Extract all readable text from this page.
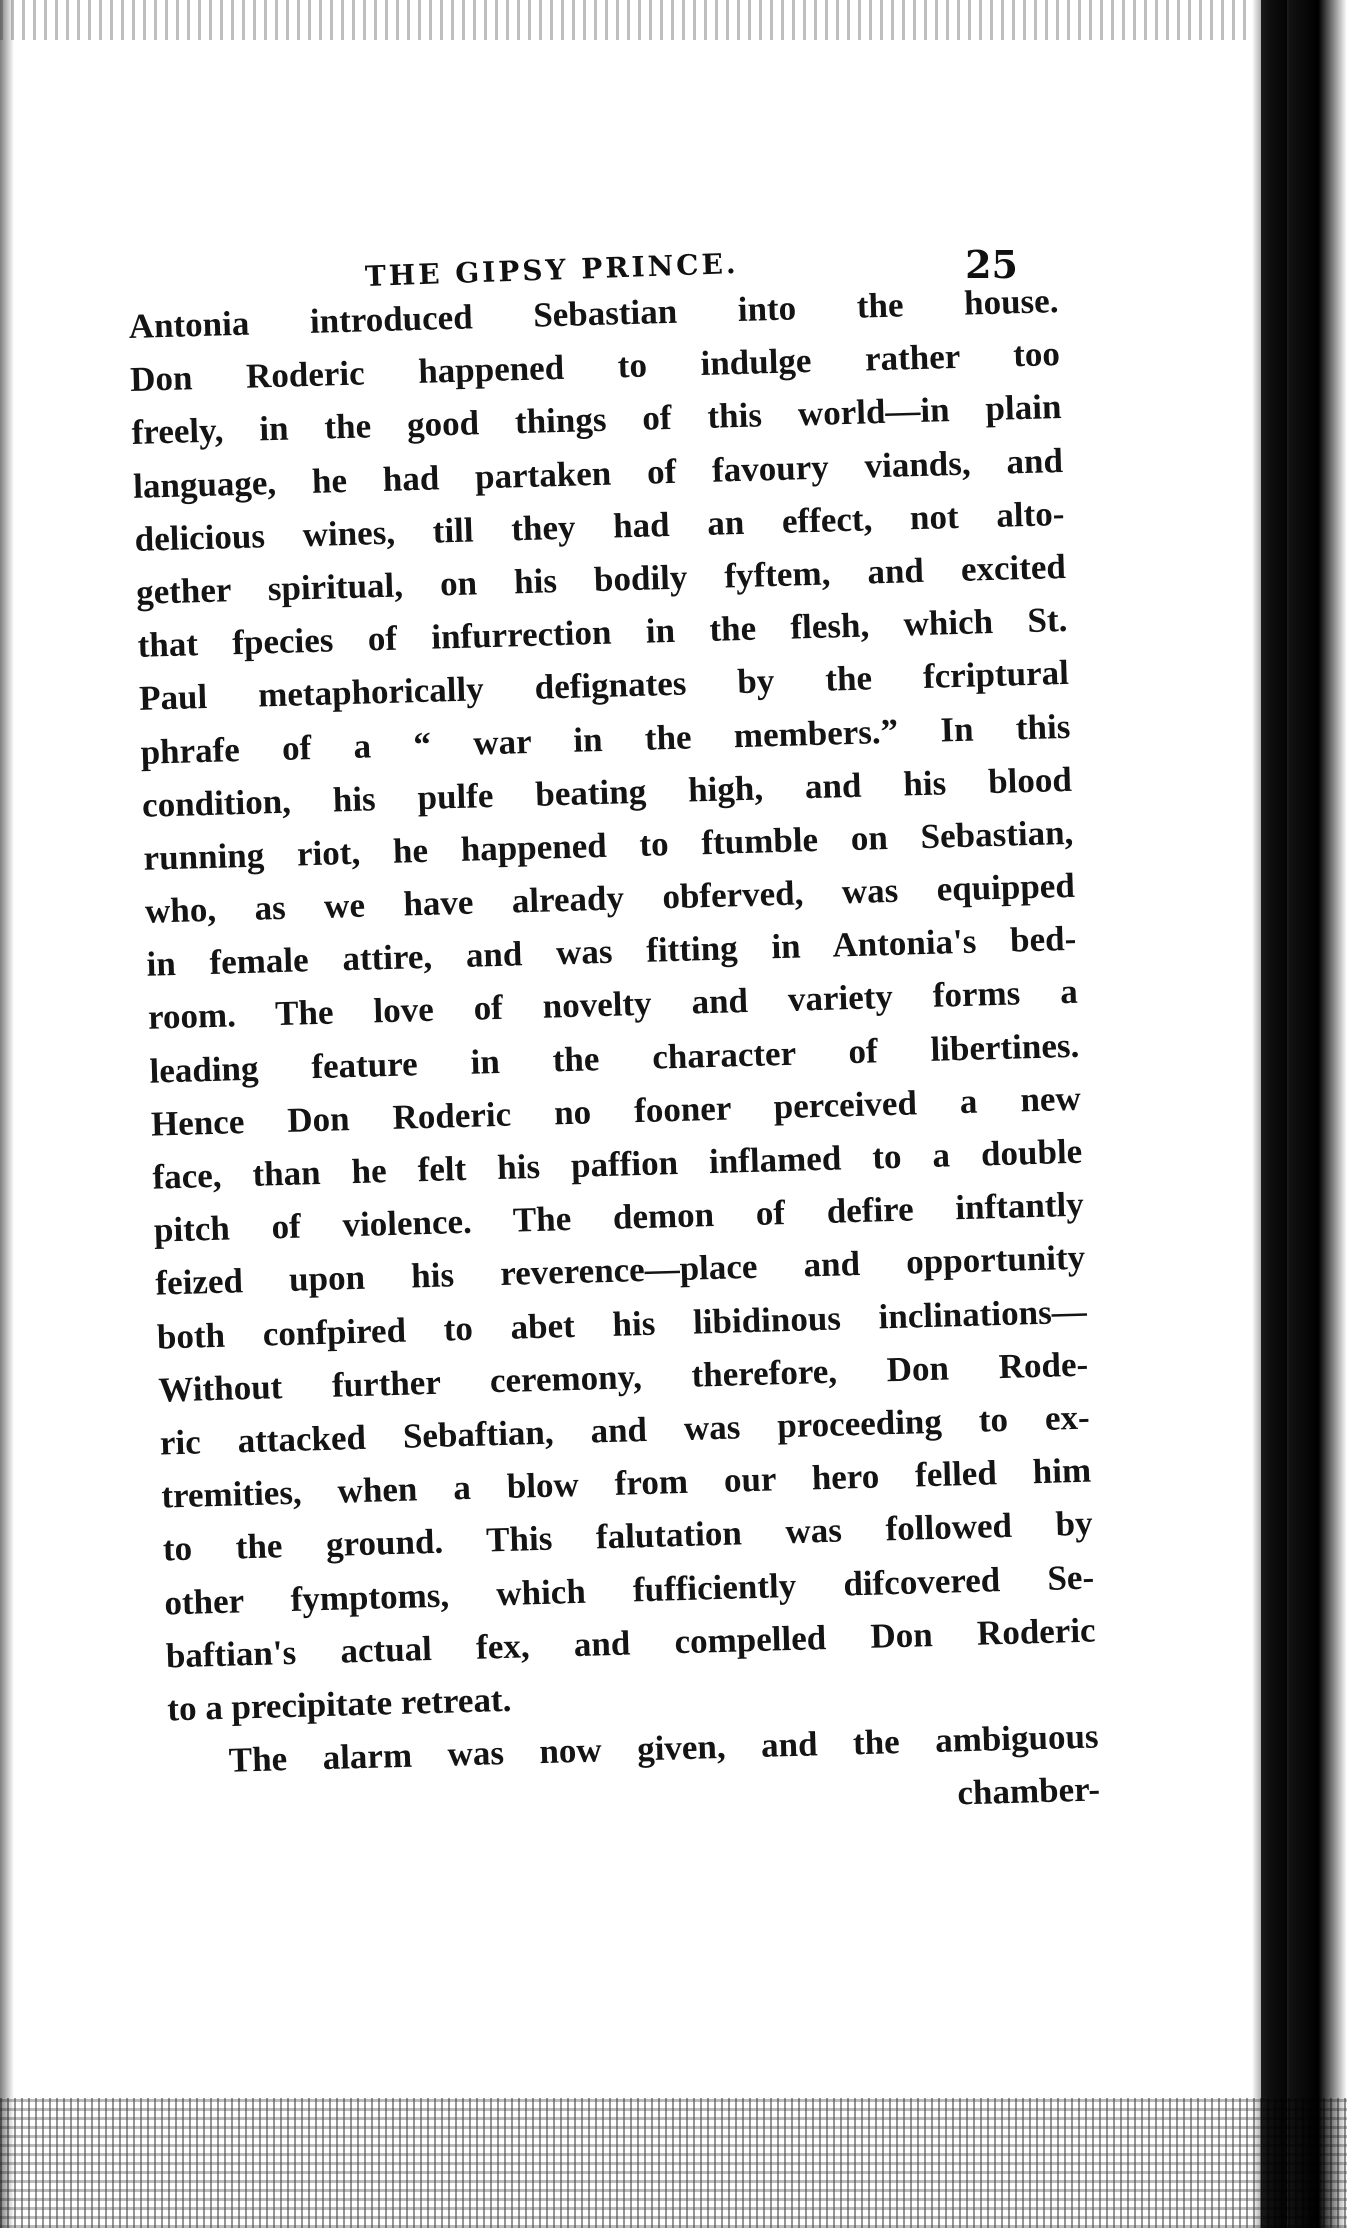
THE GIPSY PRINCE.	25
Antonia introduced Sebastian into the house.
Don Roderic happened to indulge rather too
freely, in the good things of this world—in plain
language, he had partaken of favoury viands, and
delicious wines, till they had an effect, not alto-
gether spiritual, on his bodily fyftem, and excited
that fpecies of infurrection in the flesh, which St.
Paul metaphorically defignates by the fcriptural
phrafe of a “ war in the members.” In this
condition, his pulfe beating high, and his blood
running riot, he happened to ftumble on Sebastian,
who, as we have already obferved, was equipped
in female attire, and was fitting in Antonia's bed-
room. The love of novelty and variety forms a
leading feature in the character of libertines.
Hence Don Roderic no fooner perceived a new
face, than he felt his paffion inflamed to a double
pitch of violence. The demon of defire inftantly
feized upon his reverence—place and opportunity
both confpired to abet his libidinous inclinations—
Without further ceremony, therefore, Don Rode-
ric attacked Sebaftian, and was proceeding to ex-
tremities, when a blow from our hero felled him
to the ground. This falutation was followed by
other fymptoms, which fufficiently difcovered Se-
baftian's actual fex, and compelled Don Roderic
to a precipitate retreat.
The alarm was now given, and the ambiguous
chamber-
